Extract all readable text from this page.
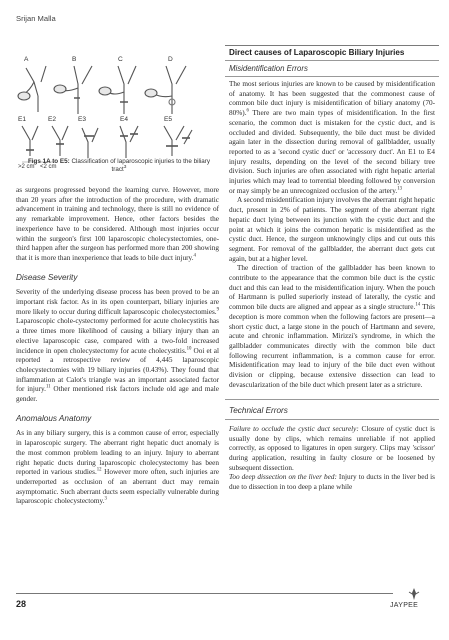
Srijan Malla
A	B	C	D
E1	E2	E3	E4	E5
>2 cm <2 cm
Figs 1A to E5: Classification of laparoscopic injuries to the biliary tract$^3$

as surgeons progressed beyond the learning curve. However, more than 20 years after the introduction of the procedure, with dramatic advancement in training and technology, there is still no evidence of any remarkable improvement. Hence, other factors besides the inexperience have to be considered. Although most injuries occur within the surgeon's first 100 laparoscopic cholecystectomies, one-third happen after the surgeon has performed more than 200 showing that it is more than inexperience that leads to bile duct injury.$^4$

Disease Severity

Severity of the underlying disease process has been proved to be an important risk factor. As in its open counterpart, biliary injuries are more likely to occur during difficult laparoscopic cholecystectomies.$^9$ Laparoscopic chole-cystectomy performed for acute cholecystitis has a three times more likelihood of causing a biliary injury than an elective laparoscopic case, compared with a two-fold increased incidence in open cholecystectomy for acute cholecystitis.$^{10}$ Ooi et al reported a retrospective review of 4,445 laparoscopic cholecystectomies with 19 biliary injuries (0.43%). They found that inflammation at Calot's triangle was an important associated factor for injury.$^{11}$ Other mentioned risk factors include old age and male gender.

Anomalous Anatomy

As in any biliary surgery, this is a common cause of error, especially in laparoscopic surgery. The aberrant right hepatic duct anomaly is the most common problem leading to an injury. Injury to aberrant right hepatic ducts during laparoscopic cholecystectomy has been reported in various studies.$^{12}$ However more often, such injuries are underreported as occlusion of an aberrant duct may remain asymptomatic. Such aberrant ducts seem especially vulnerable during laparoscopic cholecystectomy.$^3$

Direct causes of Laparoscopic Biliary Injuries
Misidentification Errors

The most serious injuries are known to be caused by misidentification of anatomy. It has been suggested that the commonest cause of common bile duct injury is misidentification of biliary anatomy (70-80%).$^6$ There are two main types of misidentification. In the first scenario, the common duct is mistaken for the cystic duct, and is occluded and divided. Subsequently, the bile duct must be divided again later in the dissection during removal of gallbladder, usually reported to as a 'second cystic duct' or 'accessory duct'. An E1 to E4 injury results, depending on the level of the second biliary tree division. Such injuries are often associated with right hepatic arterial injuries which may lead to torrential bleeding followed by conversion or may simply be an unrecognized occlusion of the artery.$^{13}$

A second misidentification injury involves the aberrant right hepatic duct, present in 2% of patients. The segment of the aberrant right hepatic duct lying between its junction with the cystic duct and the point at which it joins the common hepatic is misidentified as the cystic duct. Hence, the surgeon unknowingly clips and cut outs this segment. For removal of the gallbladder, the aberrant duct gets cut again, but at a higher level.

The direction of traction of the gallbladder has been known to contribute to the appearance that the common bile duct is the cystic duct and this can lead to the misidentification injury. When the pouch of Hartmann is pulled superiorly instead of laterally, the cystic and common bile ducts are aligned and appear as a single structure.$^{14}$ This deception is more common when the following factors are present—a short cystic duct, a large stone in the pouch of Hartmann and severe, acute and chronic inflammation. Mirizzi's syndrome, in which the gallbladder communicates directly with the common bile duct following recurrent inflammation, is a common cause for error. Misidentification may lead to injury of the bile duct even without division or clipping, because extensive dissection can lead to devascularization of the bile duct which present later as a stricture.

Technical Errors

Failure to occlude the cystic duct securely: Closure of cystic duct is usually done by clips, which remains unreliable if not applied correctly, as opposed to ligatures in open surgery. Clips may 'scissor' during application, resulting in faulty closure or be loosened by subsequent dissection.

Too deep dissection on the liver bed: Injury to ducts in the liver bed is due to dissection in too deep a plane while

28	JAYPEE
